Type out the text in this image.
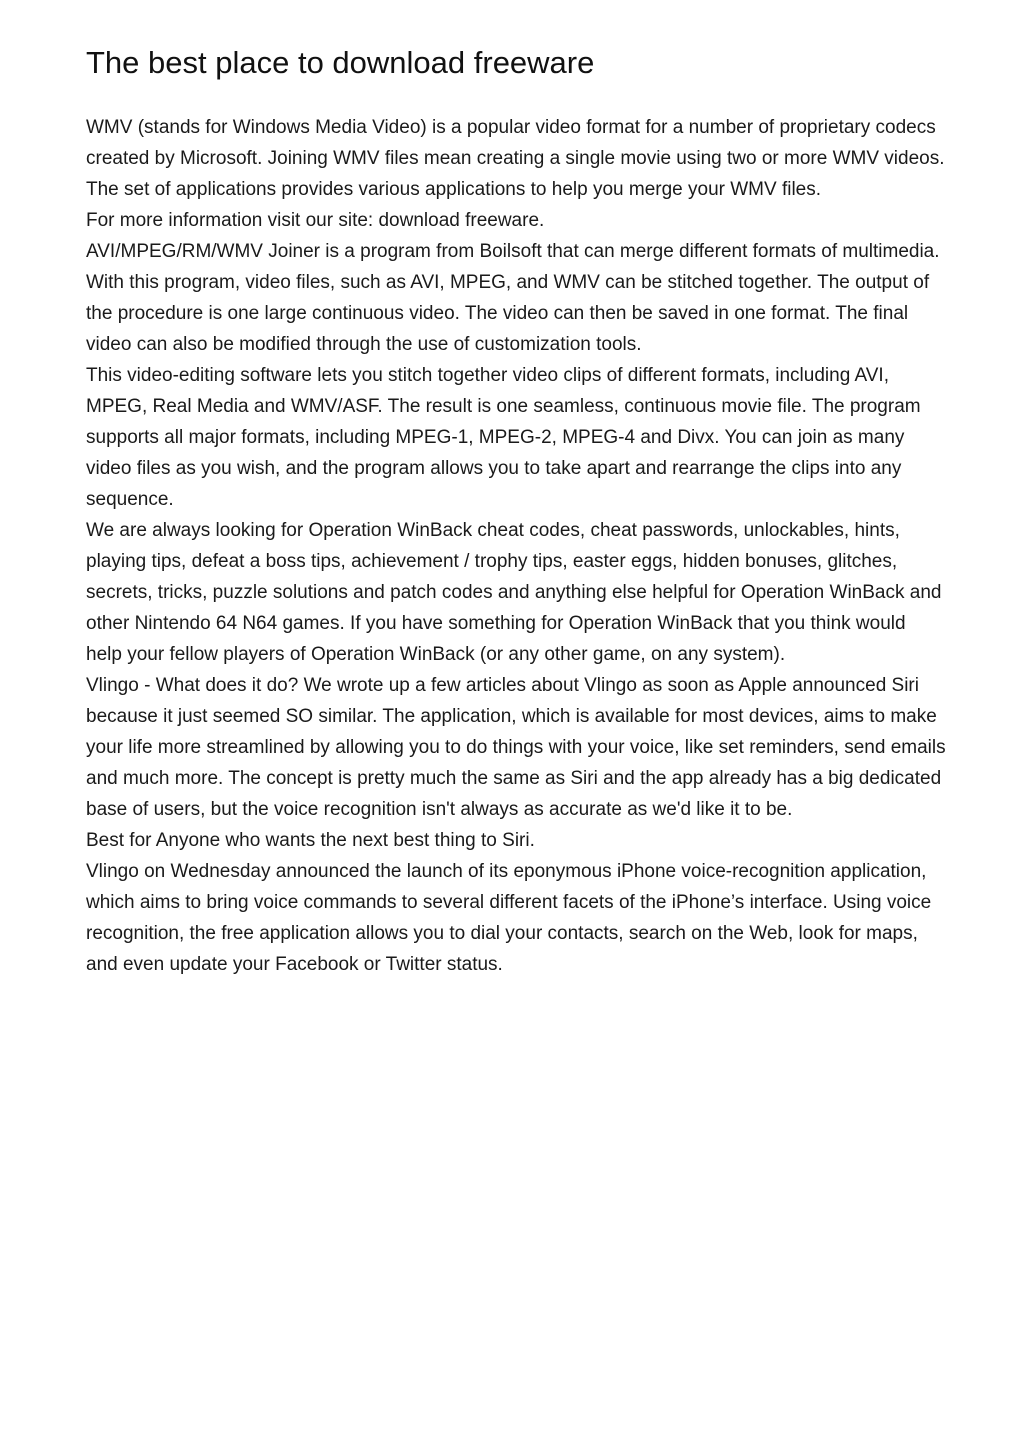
The best place to download freeware

WMV (stands for Windows Media Video) is a popular video format for a number of proprietary codecs created by Microsoft. Joining WMV files mean creating a single movie using two or more WMV videos. The set of applications provides various applications to help you merge your WMV files.

For more information visit our site: download freeware.

AVI/MPEG/RM/WMV Joiner is a program from Boilsoft that can merge different formats of multimedia. With this program, video files, such as AVI, MPEG, and WMV can be stitched together. The output of the procedure is one large continuous video. The video can then be saved in one format. The final video can also be modified through the use of customization tools.

This video-editing software lets you stitch together video clips of different formats, including AVI, MPEG, Real Media and WMV/ASF. The result is one seamless, continuous movie file. The program supports all major formats, including MPEG-1, MPEG-2, MPEG-4 and Divx. You can join as many video files as you wish, and the program allows you to take apart and rearrange the clips into any sequence.

We are always looking for Operation WinBack cheat codes, cheat passwords, unlockables, hints, playing tips, defeat a boss tips, achievement / trophy tips, easter eggs, hidden bonuses, glitches, secrets, tricks, puzzle solutions and patch codes and anything else helpful for Operation WinBack and other Nintendo 64 N64 games. If you have something for Operation WinBack that you think would help your fellow players of Operation WinBack (or any other game, on any system).

Vlingo - What does it do? We wrote up a few articles about Vlingo as soon as Apple announced Siri because it just seemed SO similar. The application, which is available for most devices, aims to make your life more streamlined by allowing you to do things with your voice, like set reminders, send emails and much more. The concept is pretty much the same as Siri and the app already has a big dedicated base of users, but the voice recognition isn't always as accurate as we'd like it to be.

Best for Anyone who wants the next best thing to Siri.

Vlingo on Wednesday announced the launch of its eponymous iPhone voice-recognition application, which aims to bring voice commands to several different facets of the iPhone’s interface. Using voice recognition, the free application allows you to dial your contacts, search on the Web, look for maps, and even update your Facebook or Twitter status.
